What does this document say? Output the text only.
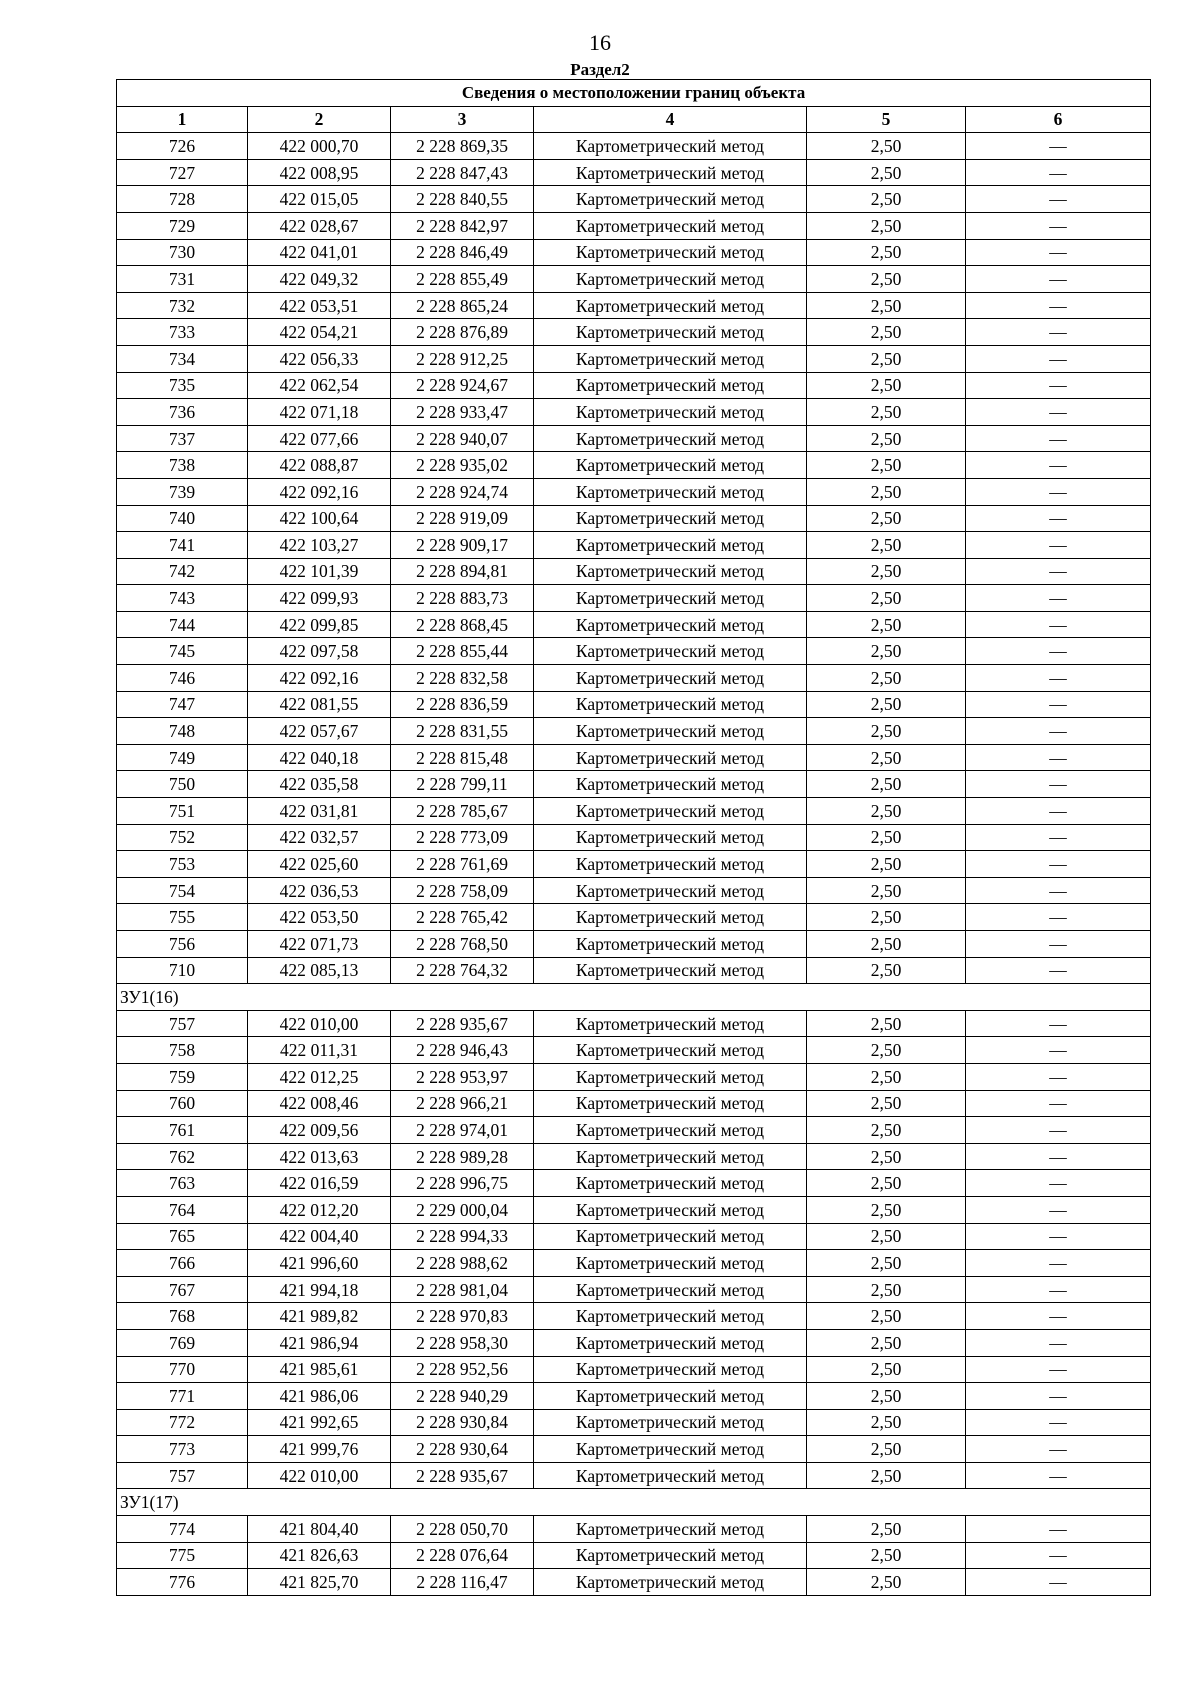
16
Раздел2
Сведения о местоположении границ объекта					
1	2	3	4	5	6
726	422 000,70	2 228 869,35	Картометрический метод	2,50	—
727	422 008,95	2 228 847,43	Картометрический метод	2,50	—
728	422 015,05	2 228 840,55	Картометрический метод	2,50	—
729	422 028,67	2 228 842,97	Картометрический метод	2,50	—
730	422 041,01	2 228 846,49	Картометрический метод	2,50	—
731	422 049,32	2 228 855,49	Картометрический метод	2,50	—
732	422 053,51	2 228 865,24	Картометрический метод	2,50	—
733	422 054,21	2 228 876,89	Картометрический метод	2,50	—
734	422 056,33	2 228 912,25	Картометрический метод	2,50	—
735	422 062,54	2 228 924,67	Картометрический метод	2,50	—
736	422 071,18	2 228 933,47	Картометрический метод	2,50	—
737	422 077,66	2 228 940,07	Картометрический метод	2,50	—
738	422 088,87	2 228 935,02	Картометрический метод	2,50	—
739	422 092,16	2 228 924,74	Картометрический метод	2,50	—
740	422 100,64	2 228 919,09	Картометрический метод	2,50	—
741	422 103,27	2 228 909,17	Картометрический метод	2,50	—
742	422 101,39	2 228 894,81	Картометрический метод	2,50	—
743	422 099,93	2 228 883,73	Картометрический метод	2,50	—
744	422 099,85	2 228 868,45	Картометрический метод	2,50	—
745	422 097,58	2 228 855,44	Картометрический метод	2,50	—
746	422 092,16	2 228 832,58	Картометрический метод	2,50	—
747	422 081,55	2 228 836,59	Картометрический метод	2,50	—
748	422 057,67	2 228 831,55	Картометрический метод	2,50	—
749	422 040,18	2 228 815,48	Картометрический метод	2,50	—
750	422 035,58	2 228 799,11	Картометрический метод	2,50	—
751	422 031,81	2 228 785,67	Картометрический метод	2,50	—
752	422 032,57	2 228 773,09	Картометрический метод	2,50	—
753	422 025,60	2 228 761,69	Картометрический метод	2,50	—
754	422 036,53	2 228 758,09	Картометрический метод	2,50	—
755	422 053,50	2 228 765,42	Картометрический метод	2,50	—
756	422 071,73	2 228 768,50	Картометрический метод	2,50	—
710	422 085,13	2 228 764,32	Картометрический метод	2,50	—
ЗУ1(16)					
757	422 010,00	2 228 935,67	Картометрический метод	2,50	—
758	422 011,31	2 228 946,43	Картометрический метод	2,50	—
759	422 012,25	2 228 953,97	Картометрический метод	2,50	—
760	422 008,46	2 228 966,21	Картометрический метод	2,50	—
761	422 009,56	2 228 974,01	Картометрический метод	2,50	—
762	422 013,63	2 228 989,28	Картометрический метод	2,50	—
763	422 016,59	2 228 996,75	Картометрический метод	2,50	—
764	422 012,20	2 229 000,04	Картометрический метод	2,50	—
765	422 004,40	2 228 994,33	Картометрический метод	2,50	—
766	421 996,60	2 228 988,62	Картометрический метод	2,50	—
767	421 994,18	2 228 981,04	Картометрический метод	2,50	—
768	421 989,82	2 228 970,83	Картометрический метод	2,50	—
769	421 986,94	2 228 958,30	Картометрический метод	2,50	—
770	421 985,61	2 228 952,56	Картометрический метод	2,50	—
771	421 986,06	2 228 940,29	Картометрический метод	2,50	—
772	421 992,65	2 228 930,84	Картометрический метод	2,50	—
773	421 999,76	2 228 930,64	Картометрический метод	2,50	—
757	422 010,00	2 228 935,67	Картометрический метод	2,50	—
ЗУ1(17)					
774	421 804,40	2 228 050,70	Картометрический метод	2,50	—
775	421 826,63	2 228 076,64	Картометрический метод	2,50	—
776	421 825,70	2 228 116,47	Картометрический метод	2,50	—
